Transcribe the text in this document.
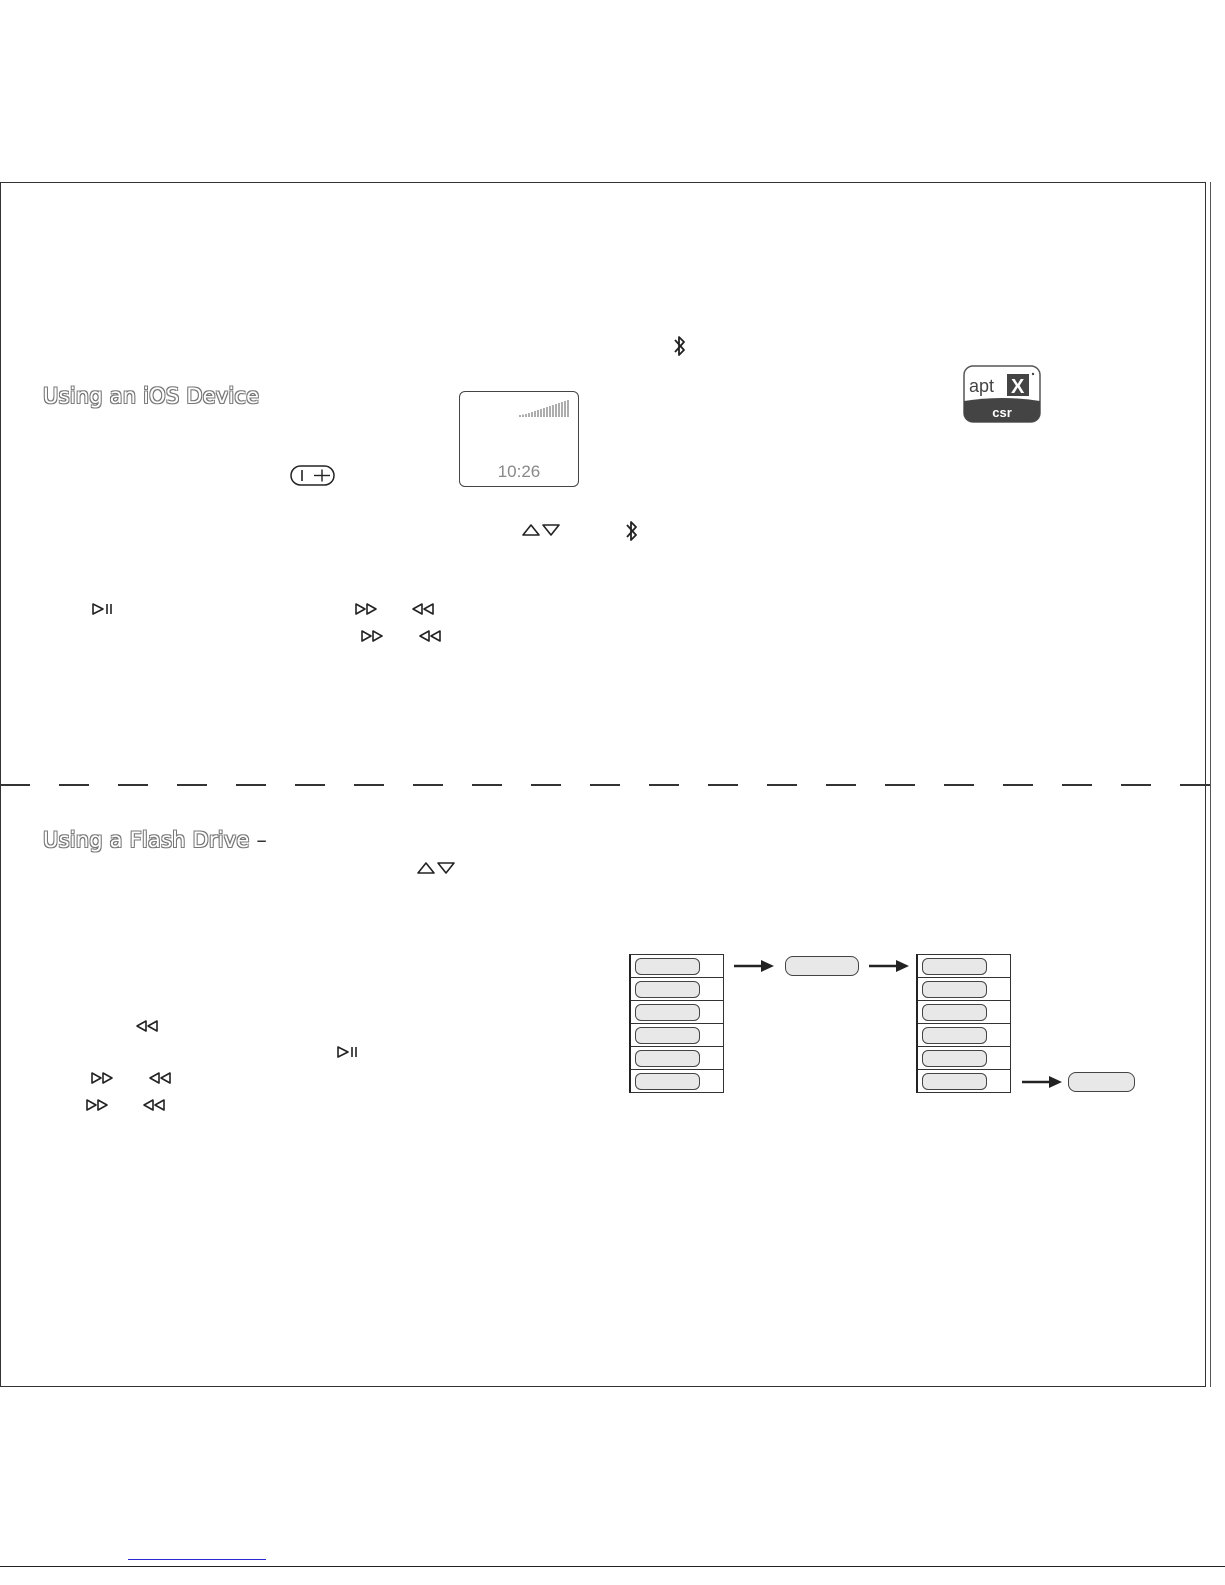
Using an iOS Device	apt X
csr
10:26
Using a Flash Drive –
